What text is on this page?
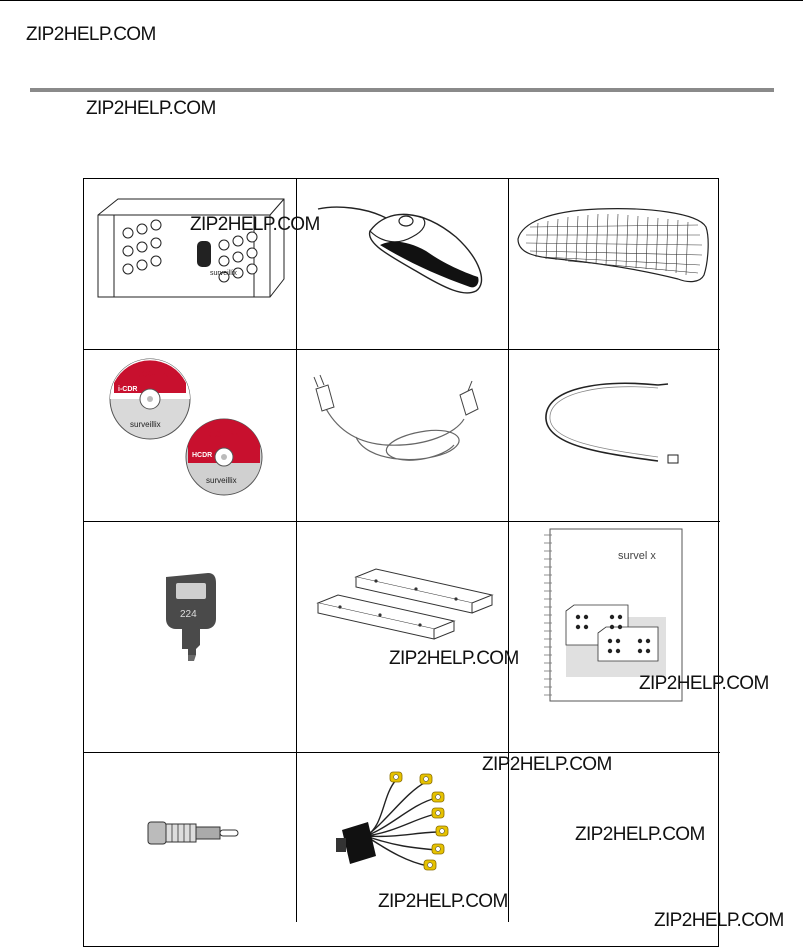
ZIP2HELP.COM
ZIP2HELP.COM
surveillix
TOSHIBA
i-CDR
surveillix
TOSHIBA
HCDR
surveillix
224
survel x
ZIP2HELP.COM
ZIP2HELP.COM
ZIP2HELP.COM
ZIP2HELP.COM
ZIP2HELP.COM
ZIP2HELP.COM
ZIP2HELP.COM
